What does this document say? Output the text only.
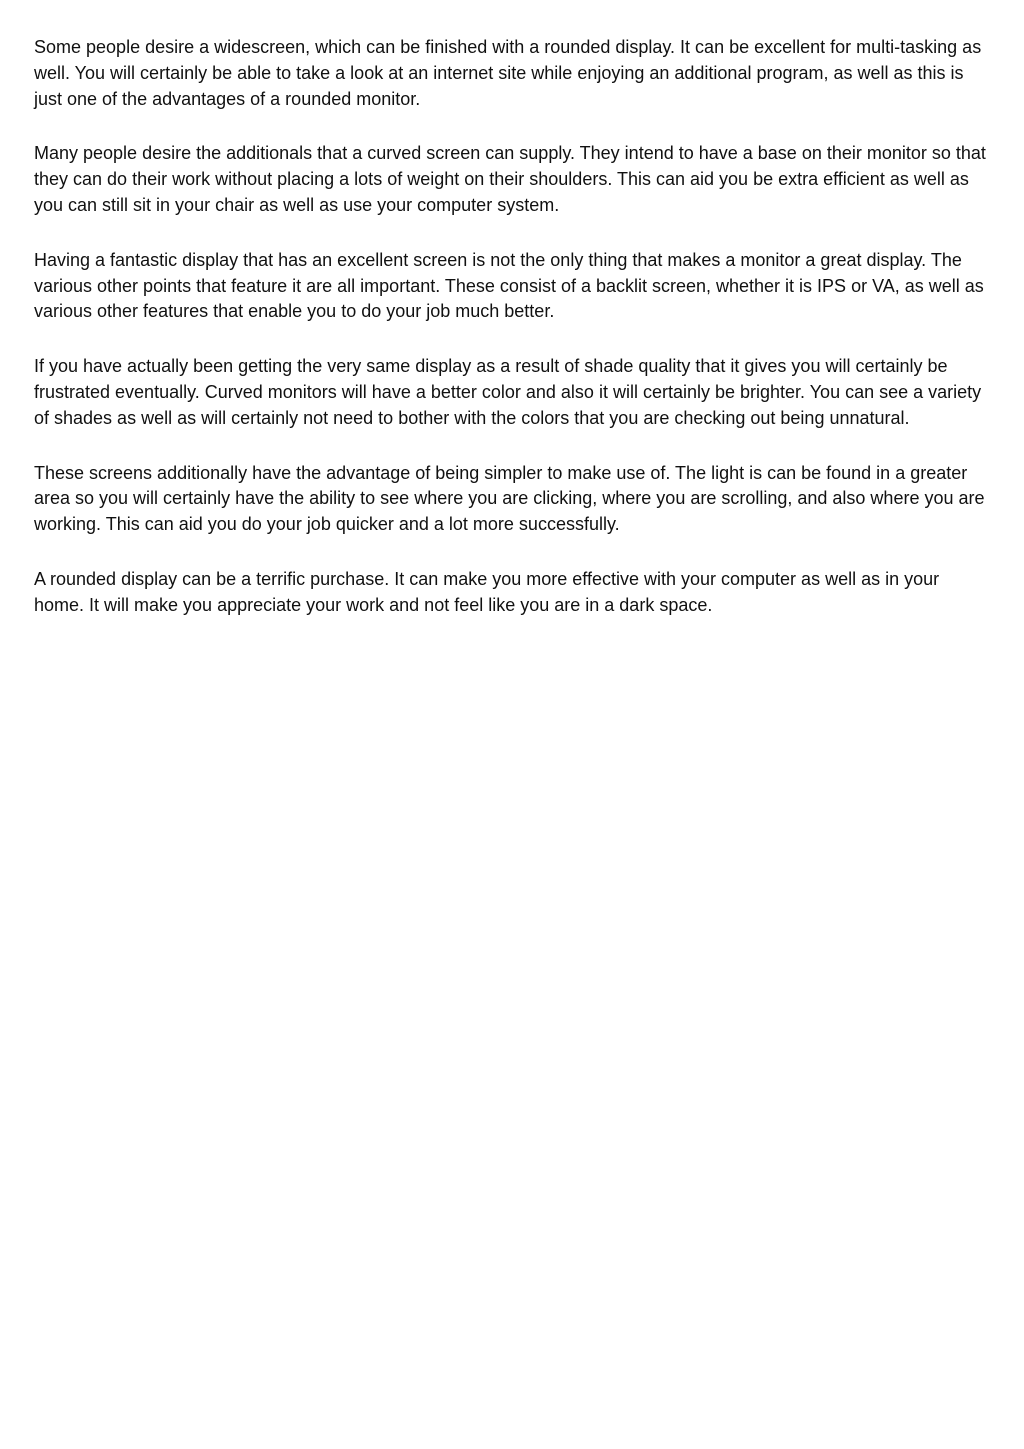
Some people desire a widescreen, which can be finished with a rounded display. It can be excellent for multi-tasking as well. You will certainly be able to take a look at an internet site while enjoying an additional program, as well as this is just one of the advantages of a rounded monitor.

Many people desire the additionals that a curved screen can supply. They intend to have a base on their monitor so that they can do their work without placing a lots of weight on their shoulders. This can aid you be extra efficient as well as you can still sit in your chair as well as use your computer system.

Having a fantastic display that has an excellent screen is not the only thing that makes a monitor a great display. The various other points that feature it are all important. These consist of a backlit screen, whether it is IPS or VA, as well as various other features that enable you to do your job much better.

If you have actually been getting the very same display as a result of shade quality that it gives you will certainly be frustrated eventually. Curved monitors will have a better color and also it will certainly be brighter. You can see a variety of shades as well as will certainly not need to bother with the colors that you are checking out being unnatural.

These screens additionally have the advantage of being simpler to make use of. The light is can be found in a greater area so you will certainly have the ability to see where you are clicking, where you are scrolling, and also where you are working. This can aid you do your job quicker and a lot more successfully.

A rounded display can be a terrific purchase. It can make you more effective with your computer as well as in your home. It will make you appreciate your work and not feel like you are in a dark space.
